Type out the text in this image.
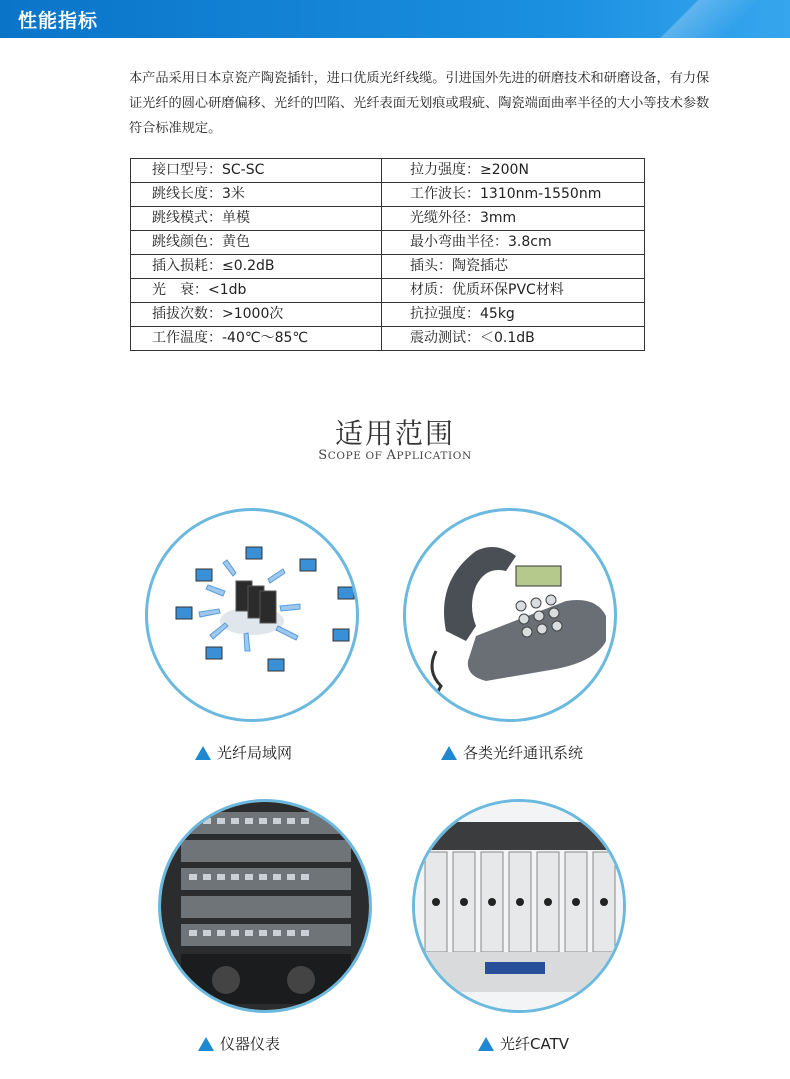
性能指标
本产品采用日本京瓷产陶瓷插针，进口优质光纤线缆。引进国外先进的研磨技术和研磨设备，有力保证光纤的圆心研磨偏移、光纤的凹陷、光纤表面无划痕或瑕疵、陶瓷端面曲率半径的大小等技术参数符合标准规定。
接口型号：SC-SC	拉力强度：≥200N
跳线长度：3米	工作波长：1310nm-1550nm
跳线模式：单模	光缆外径：3mm
跳线颜色：黄色	最小弯曲半径：3.8cm
插入损耗：≤0.2dB	插头：陶瓷插芯
光　衰：<1db	材质：优质环保PVC材料
插拔次数：>1000次	抗拉强度：45kg
工作温度：-40℃～85℃	震动测试：＜0.1dB
适用范围
SCOPE OF APPLICATION
光纤局域网	各类光纤通讯系统
仪器仪表	光纤CATV
